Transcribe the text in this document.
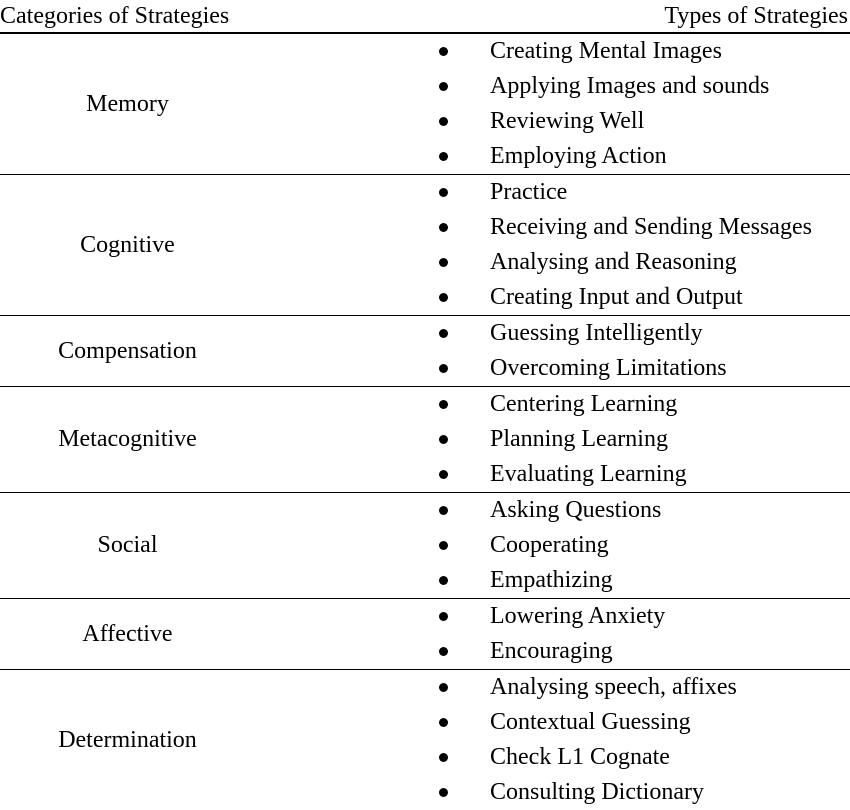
Categories of Strategies	Types of Strategies
Memory
Creating Mental Images
Applying Images and sounds
Reviewing Well
Employing Action
Cognitive
Practice
Receiving and Sending Messages
Analysing and Reasoning
Creating Input and Output
Compensation
Guessing Intelligently
Overcoming Limitations
Metacognitive
Centering Learning
Planning Learning
Evaluating Learning
Social
Asking Questions
Cooperating
Empathizing
Affective
Lowering Anxiety
Encouraging
Determination
Analysing speech, affixes
Contextual Guessing
Check L1 Cognate
Consulting Dictionary
